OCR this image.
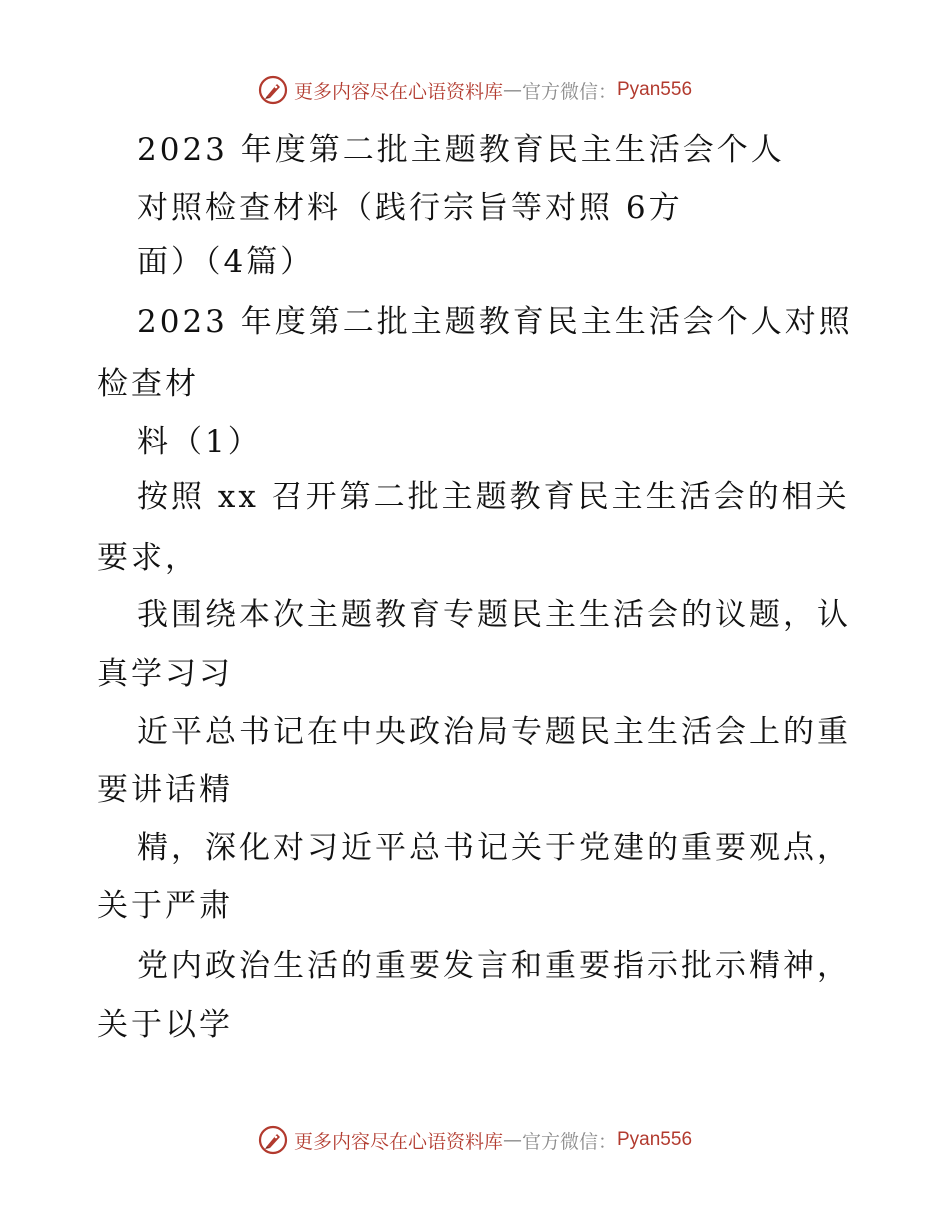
更多内容尽在心语资料库 — 官方微信： Pyan556
2023 年度第二批主题教育民主生活会个人
对照检查材料（践行宗旨等对照 6方
面）（4篇）
2023 年度第二批主题教育民主生活会个人对照
检查材
料（1）
按照 xx 召开第二批主题教育民主生活会的相关
要求，
我围绕本次主题教育专题民主生活会的议题，认
真学习习
近平总书记在中央政治局专题民主生活会上的重
要讲话精
精，深化对习近平总书记关于党建的重要观点，
关于严肃
党内政治生活的重要发言和重要指示批示精神，
关于以学
更多内容尽在心语资料库 — 官方微信： Pyan556
